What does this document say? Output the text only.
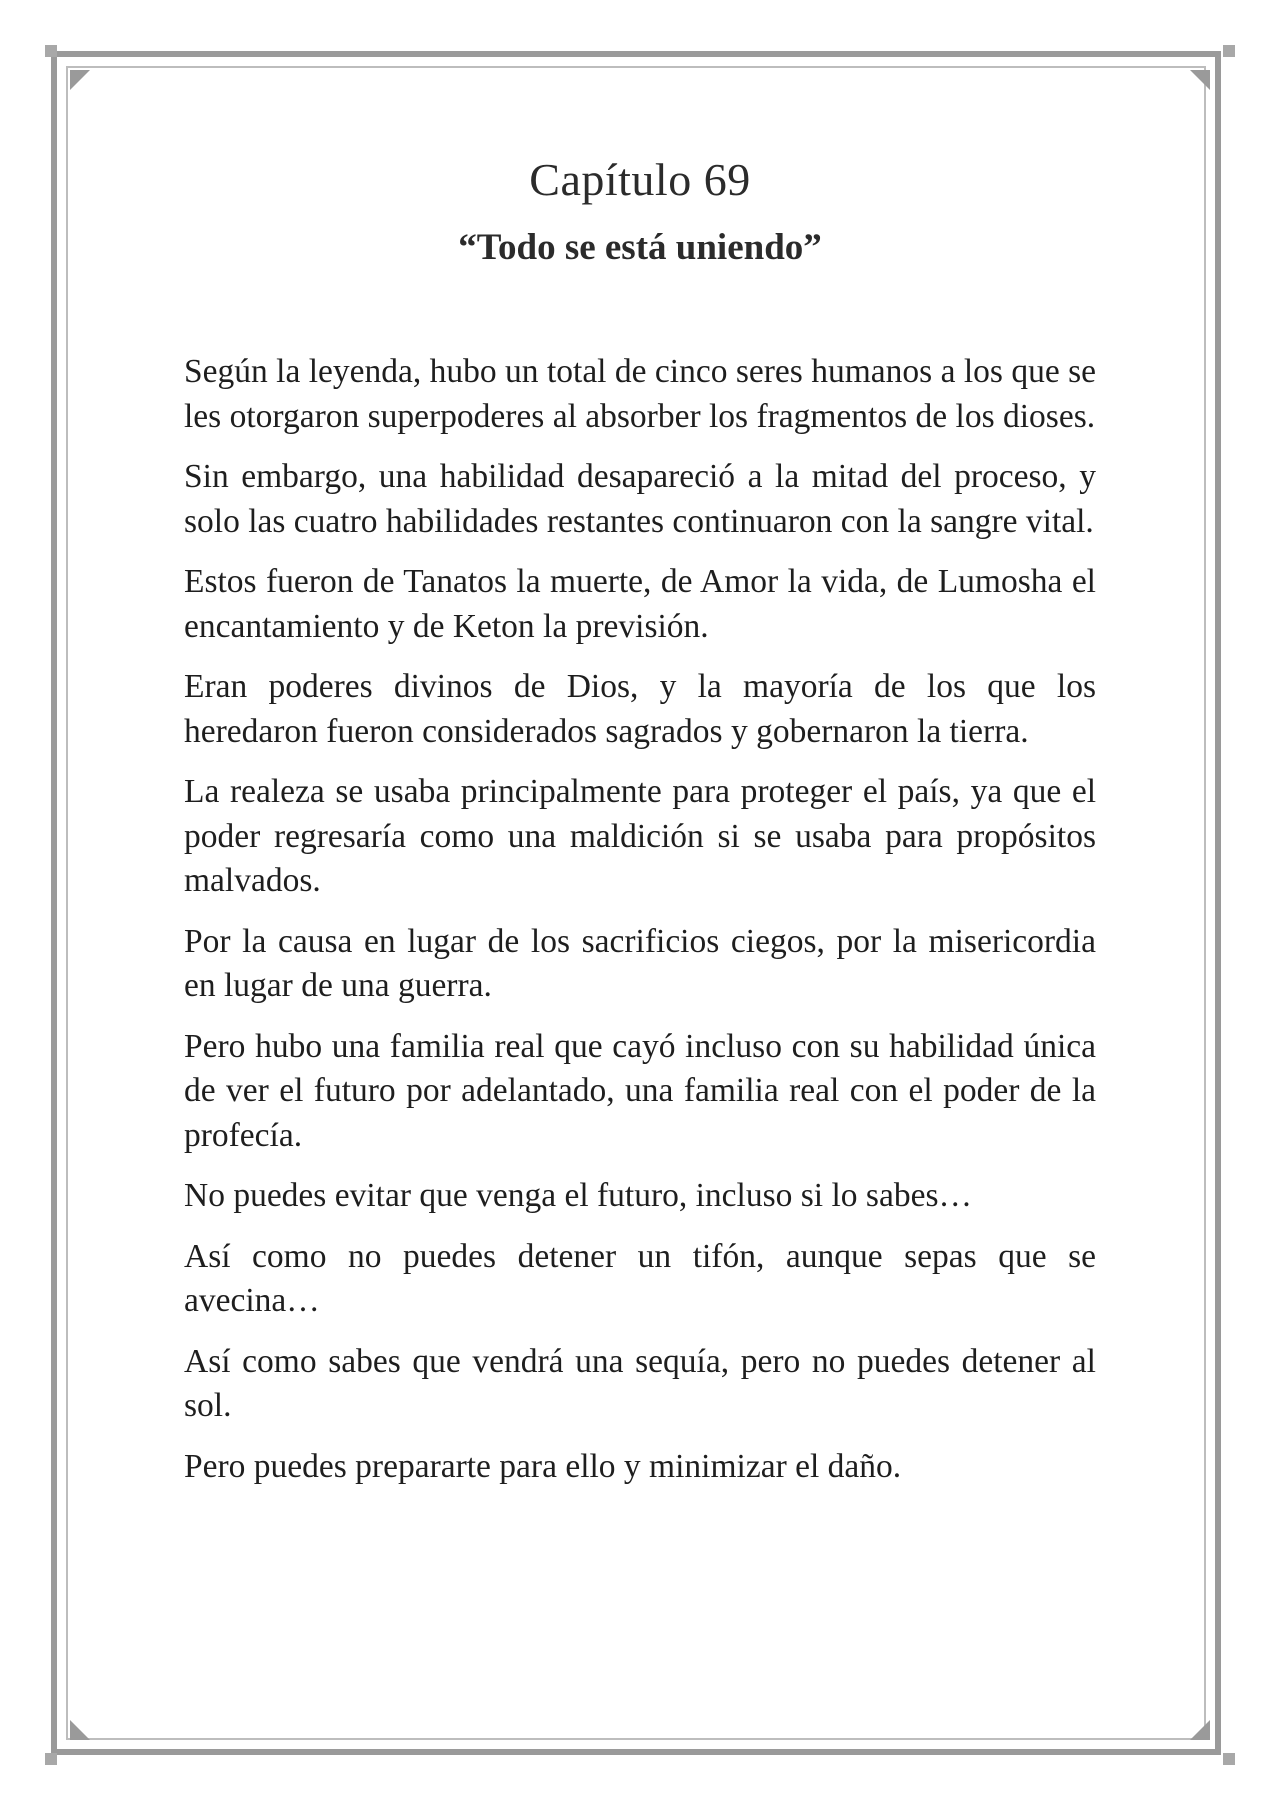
Capítulo 69
“Todo se está uniendo”

Según la leyenda, hubo un total de cinco seres humanos a los que se les otorgaron superpoderes al absorber los fragmentos de los dioses.

Sin embargo, una habilidad desapareció a la mitad del proceso, y solo las cuatro habilidades restantes continuaron con la sangre vital.

Estos fueron de Tanatos la muerte, de Amor la vida, de Lumosha el encantamiento y de Keton la previsión.

Eran poderes divinos de Dios, y la mayoría de los que los heredaron fueron considerados sagrados y gobernaron la tierra.

La realeza se usaba principalmente para proteger el país, ya que el poder regresaría como una maldición si se usaba para propósitos malvados.

Por la causa en lugar de los sacrificios ciegos, por la misericordia en lugar de una guerra.

Pero hubo una familia real que cayó incluso con su habilidad única de ver el futuro por adelantado, una familia real con el poder de la profecía.

No puedes evitar que venga el futuro, incluso si lo sabes…

Así como no puedes detener un tifón, aunque sepas que se avecina…

Así como sabes que vendrá una sequía, pero no puedes detener al sol.

Pero puedes prepararte para ello y minimizar el daño.
